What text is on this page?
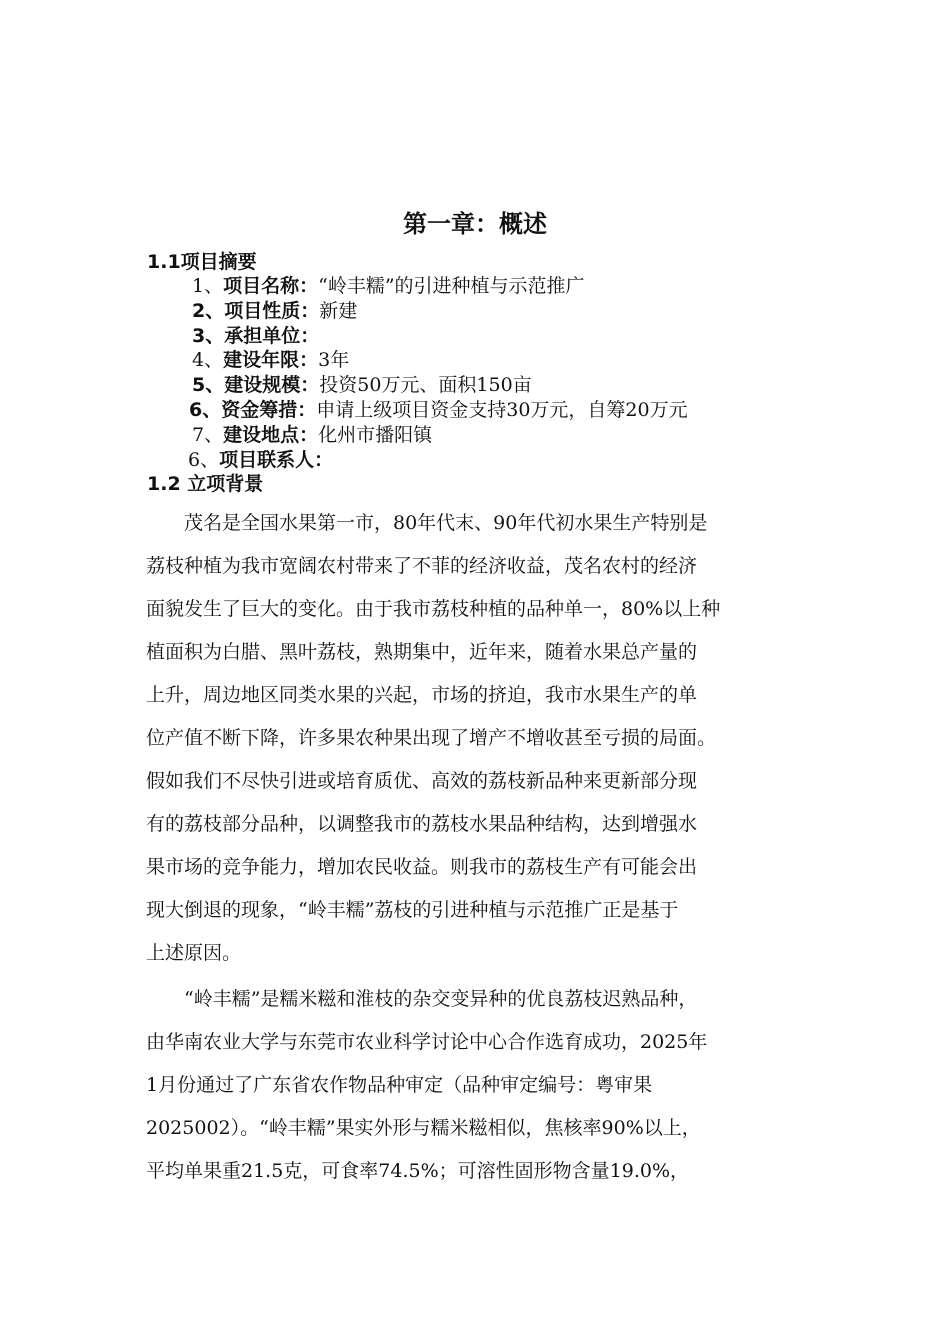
第一章：概述
1.1项目摘要
1、项目名称：“岭丰糯”的引进种植与示范推广
2、项目性质：新建
3、承担单位：
4、建设年限：3年
5、建设规模：投资50万元、面积150亩
6、资金筹措：申请上级项目资金支持30万元，自筹20万元
7、建设地点：化州市播阳镇
6、项目联系人：
1.2 立项背景
茂名是全国水果第一市，80年代末、90年代初水果生产特别是
荔枝种植为我市宽阔农村带来了不菲的经济收益，茂名农村的经济
面貌发生了巨大的变化。由于我市荔枝种植的品种单一，80%以上种
植面积为白腊、黑叶荔枝，熟期集中，近年来，随着水果总产量的
上升，周边地区同类水果的兴起，市场的挤迫，我市水果生产的单
位产值不断下降，许多果农种果出现了增产不增收甚至亏损的局面。
假如我们不尽快引进或培育质优、高效的荔枝新品种来更新部分现
有的荔枝部分品种，以调整我市的荔枝水果品种结构，达到增强水
果市场的竞争能力，增加农民收益。则我市的荔枝生产有可能会出
现大倒退的现象，“岭丰糯”荔枝的引进种植与示范推广正是基于
上述原因。
“岭丰糯”是糯米糍和淮枝的杂交变异种的优良荔枝迟熟品种，
由华南农业大学与东莞市农业科学讨论中心合作选育成功，2025年
1月份通过了广东省农作物品种审定（品种审定编号：粤审果
2025002）。“岭丰糯”果实外形与糯米糍相似，焦核率90%以上，
平均单果重21.5克，可食率74.5%；可溶性固形物含量19.0%，
